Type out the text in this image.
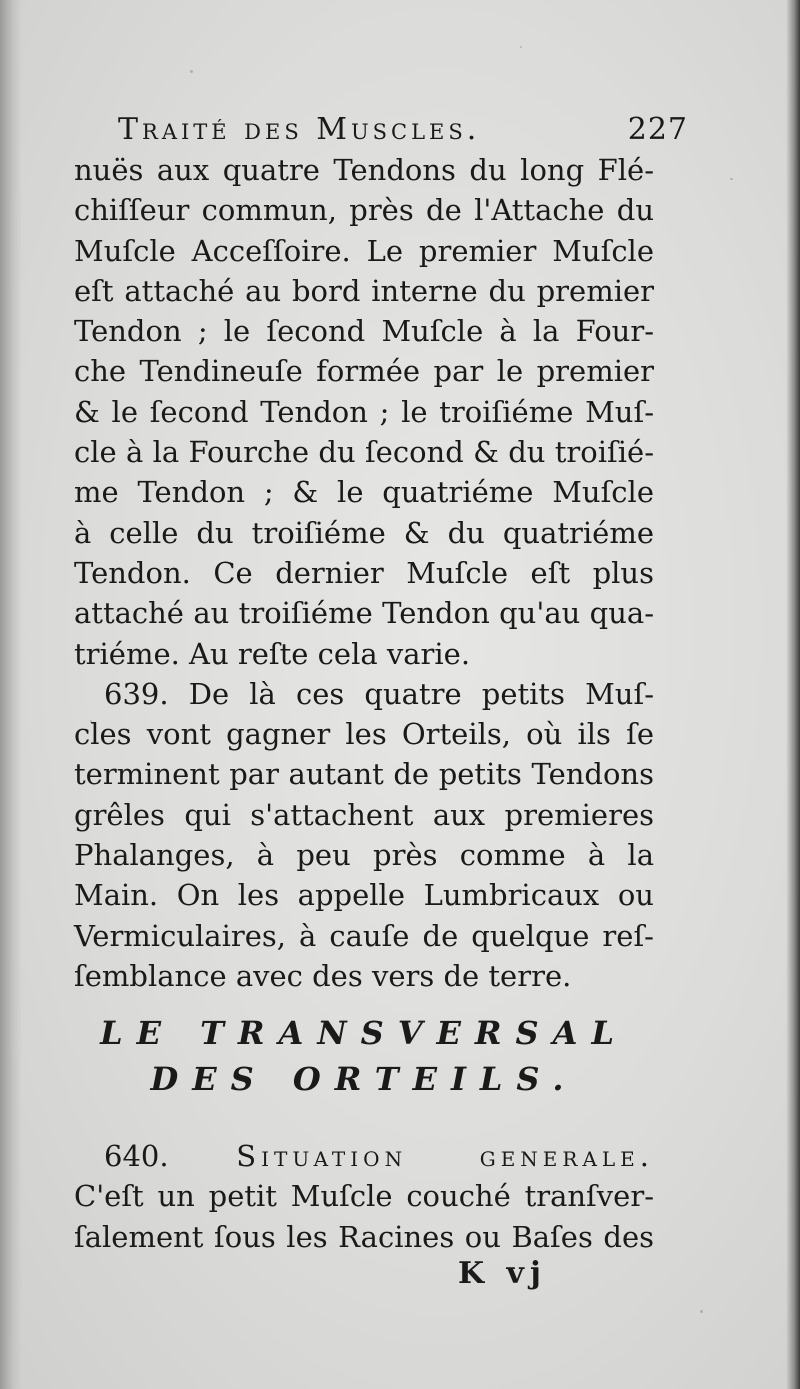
Traité des Muscles.	227
nuës aux quatre Tendons du long Flé-
chiſſeur commun, près de l'Attache du
Muſcle Acceſſoire. Le premier Muſcle
eſt attaché au bord interne du premier
Tendon ; le ſecond Muſcle à la Four-
che Tendineuſe formée par le premier
& le ſecond Tendon ; le troiſiéme Muſ-
cle à la Fourche du ſecond & du troiſié-
me Tendon ; & le quatriéme Muſcle
à celle du troiſiéme & du quatriéme
Tendon. Ce dernier Muſcle eſt plus
attaché au troiſiéme Tendon qu'au qua-
triéme. Au reſte cela varie.
639. De là ces quatre petits Muſ-
cles vont gagner les Orteils, où ils ſe
terminent par autant de petits Tendons
grêles qui s'attachent aux premieres
Phalanges, à peu près comme à la
Main. On les appelle Lumbricaux ou
Vermiculaires, à cauſe de quelque reſ-
ſemblance avec des vers de terre.
LE TRANSVERSAL
DES ORTEILS.
640. Situation generale.
C'eſt un petit Muſcle couché tranſver-
ſalement ſous les Racines ou Baſes des
K vj
